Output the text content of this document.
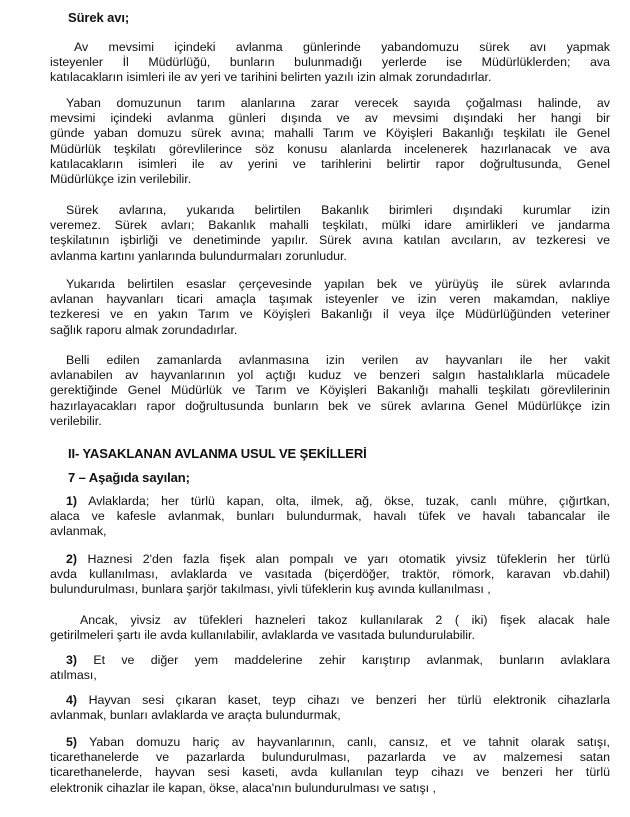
Sürek avı;
Av mevsimi içindeki avlanma günlerinde yabandomuzu sürek avı yapmak
isteyenler İl Müdürlüğü, bunların bulunmadığı yerlerde ise Müdürlüklerden; ava
katılacakların isimleri ile av yeri ve tarihini belirten yazılı izin almak zorundadırlar.
Yaban domuzunun tarım alanlarına zarar verecek sayıda çoğalması halinde, av
mevsimi içindeki avlanma günleri dışında ve av mevsimi dışındaki her hangi bir
günde yaban domuzu sürek avına; mahalli Tarım ve Köyişleri Bakanlığı teşkilatı ile Genel
Müdürlük teşkilatı görevlilerince söz konusu alanlarda incelenerek hazırlanacak ve ava
katılacakların isimleri ile av yerini ve tarihlerini belirtir rapor doğrultusunda, Genel
Müdürlükçe izin verilebilir.
Sürek avlarına, yukarıda belirtilen Bakanlık birimleri dışındaki kurumlar izin
veremez. Sürek avları; Bakanlık mahalli teşkilatı, mülki idare amirlikleri ve jandarma
teşkilatının işbirliği ve denetiminde yapılır. Sürek avına katılan avcıların, av tezkeresi ve
avlanma kartını yanlarında bulundurmaları zorunludur.
Yukarıda belirtilen esaslar çerçevesinde yapılan bek ve yürüyüş ile sürek avlarında
avlanan hayvanları ticari amaçla taşımak isteyenler ve izin veren makamdan, nakliye
tezkeresi ve en yakın Tarım ve Köyişleri Bakanlığı il veya ilçe Müdürlüğünden veteriner
sağlık raporu almak zorundadırlar.
Belli edilen zamanlarda avlanmasına izin verilen av hayvanları ile her vakit
avlanabilen av hayvanlarının yol açtığı kuduz ve benzeri salgın hastalıklarla mücadele
gerektiğinde Genel Müdürlük ve Tarım ve Köyişleri Bakanlığı mahalli teşkilatı görevlilerinin
hazırlayacakları rapor doğrultusunda bunların bek ve sürek avlarına Genel Müdürlükçe izin
verilebilir.
II- YASAKLANAN AVLANMA USUL VE ŞEKİLLERİ
7 – Aşağıda sayılan;
1) Avlaklarda; her türlü kapan, olta, ilmek, ağ, ökse, tuzak, canlı mühre, çığırtkan,
alaca ve kafesle avlanmak, bunları bulundurmak, havalı tüfek ve havalı tabancalar ile
avlanmak,
2) Haznesi 2'den fazla fişek alan pompalı ve yarı otomatik yivsiz tüfeklerin her türlü
avda kullanılması, avlaklarda ve vasıtada (biçerdöğer, traktör, römork, karavan vb.dahil)
bulundurulması, bunlara şarjör takılması, yivli tüfeklerin kuş avında kullanılması ,
Ancak, yivsiz av tüfekleri hazneleri takoz kullanılarak 2 ( iki) fişek alacak hale
getirilmeleri şartı ile avda kullanılabilir, avlaklarda ve vasıtada bulundurulabilir.
3) Et ve diğer yem maddelerine zehir karıştırıp avlanmak, bunların avlaklara
atılması,
4) Hayvan sesi çıkaran kaset, teyp cihazı ve benzeri her türlü elektronik cihazlarla
avlanmak, bunları avlaklarda ve araçta bulundurmak,
5) Yaban domuzu hariç av hayvanlarının, canlı, cansız, et ve tahnit olarak satışı,
ticarethanelerde ve pazarlarda bulundurulması, pazarlarda ve av malzemesi satan
ticarethanelerde, hayvan sesi kaseti, avda kullanılan teyp cihazı ve benzeri her türlü
elektronik cihazlar ile kapan, ökse, alaca'nın bulundurulması ve satışı ,
